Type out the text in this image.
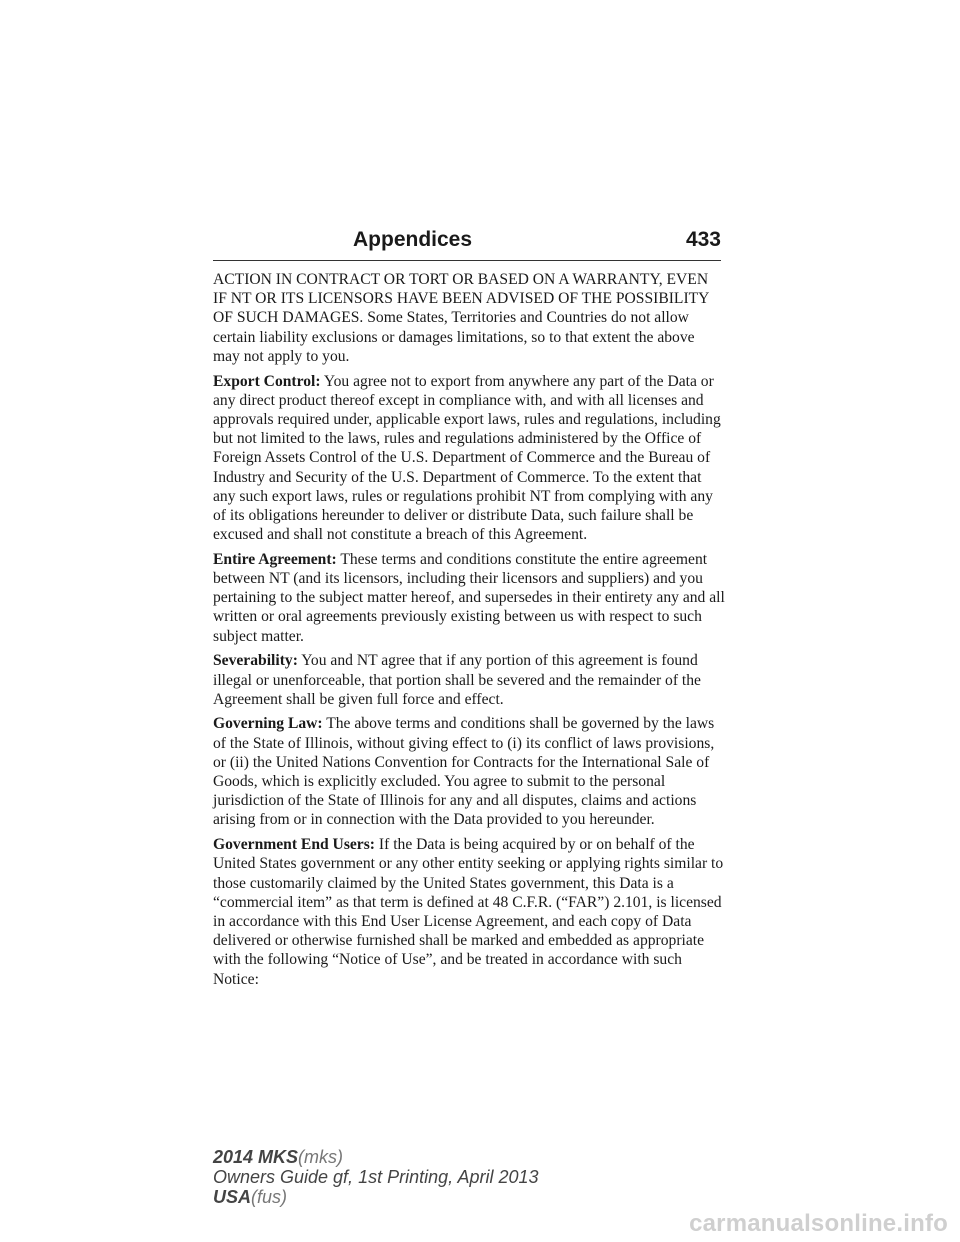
Appendices	433

ACTION IN CONTRACT OR TORT OR BASED ON A WARRANTY, EVEN IF NT OR ITS LICENSORS HAVE BEEN ADVISED OF THE POSSIBILITY OF SUCH DAMAGES. Some States, Territories and Countries do not allow certain liability exclusions or damages limitations, so to that extent the above may not apply to you.

Export Control: You agree not to export from anywhere any part of the Data or any direct product thereof except in compliance with, and with all licenses and approvals required under, applicable export laws, rules and regulations, including but not limited to the laws, rules and regulations administered by the Office of Foreign Assets Control of the U.S. Department of Commerce and the Bureau of Industry and Security of the U.S. Department of Commerce. To the extent that any such export laws, rules or regulations prohibit NT from complying with any of its obligations hereunder to deliver or distribute Data, such failure shall be excused and shall not constitute a breach of this Agreement.

Entire Agreement: These terms and conditions constitute the entire agreement between NT (and its licensors, including their licensors and suppliers) and you pertaining to the subject matter hereof, and supersedes in their entirety any and all written or oral agreements previously existing between us with respect to such subject matter.

Severability: You and NT agree that if any portion of this agreement is found illegal or unenforceable, that portion shall be severed and the remainder of the Agreement shall be given full force and effect.

Governing Law: The above terms and conditions shall be governed by the laws of the State of Illinois, without giving effect to (i) its conflict of laws provisions, or (ii) the United Nations Convention for Contracts for the International Sale of Goods, which is explicitly excluded. You agree to submit to the personal jurisdiction of the State of Illinois for any and all disputes, claims and actions arising from or in connection with the Data provided to you hereunder.

Government End Users: If the Data is being acquired by or on behalf of the United States government or any other entity seeking or applying rights similar to those customarily claimed by the United States government, this Data is a “commercial item” as that term is defined at 48 C.F.R. (“FAR”) 2.101, is licensed in accordance with this End User License Agreement, and each copy of Data delivered or otherwise furnished shall be marked and embedded as appropriate with the following “Notice of Use”, and be treated in accordance with such Notice:

2014 MKS(mks)
Owners Guide gf, 1st Printing, April 2013
USA(fus)
carmanualsonline.info
